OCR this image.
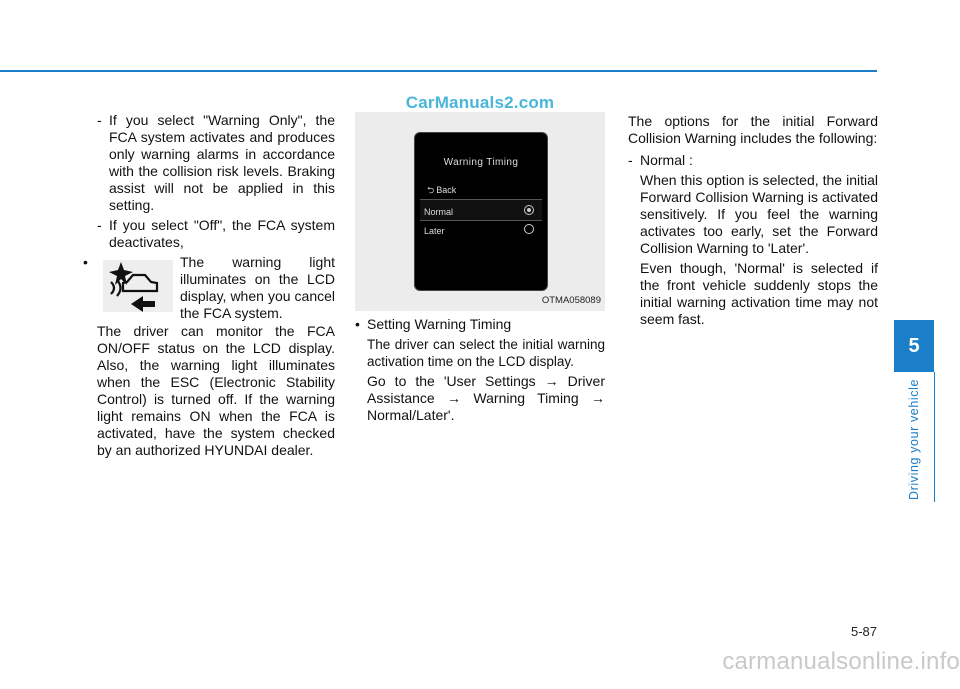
CarManuals2.com

- If you select "Warning Only", the FCA system activates and produces only warning alarms in accordance with the collision risk levels. Braking assist will not be applied in this setting.

- If you select "Off", the FCA system deactivates,

•	The warning light illuminates on the LCD display, when you cancel the FCA system.

The driver can monitor the FCA ON/OFF status on the LCD display. Also, the warning light illuminates when the ESC (Electronic Stability Control) is turned off. If the warning light remains ON when the FCA is activated, have the system checked by an authorized HYUNDAI dealer.

Warning Timing
⮌ Back
Normal
Later
OTMA058089

• Setting Warning Timing

The driver can select the initial warning activation time on the LCD display.

Go to the 'User Settings → Driver Assistance → Warning Timing → Normal/Later'.

The options for the initial Forward Collision Warning includes the following:

- Normal :

When this option is selected, the initial Forward Collision Warning is activated sensitively. If you feel the warning activates too early, set the Forward Collision Warning to 'Later'.

Even though, 'Normal' is selected if the front vehicle suddenly stops the initial warning activation time may not seem fast.

5
Driving your vehicle
5-87
carmanualsonline.info
